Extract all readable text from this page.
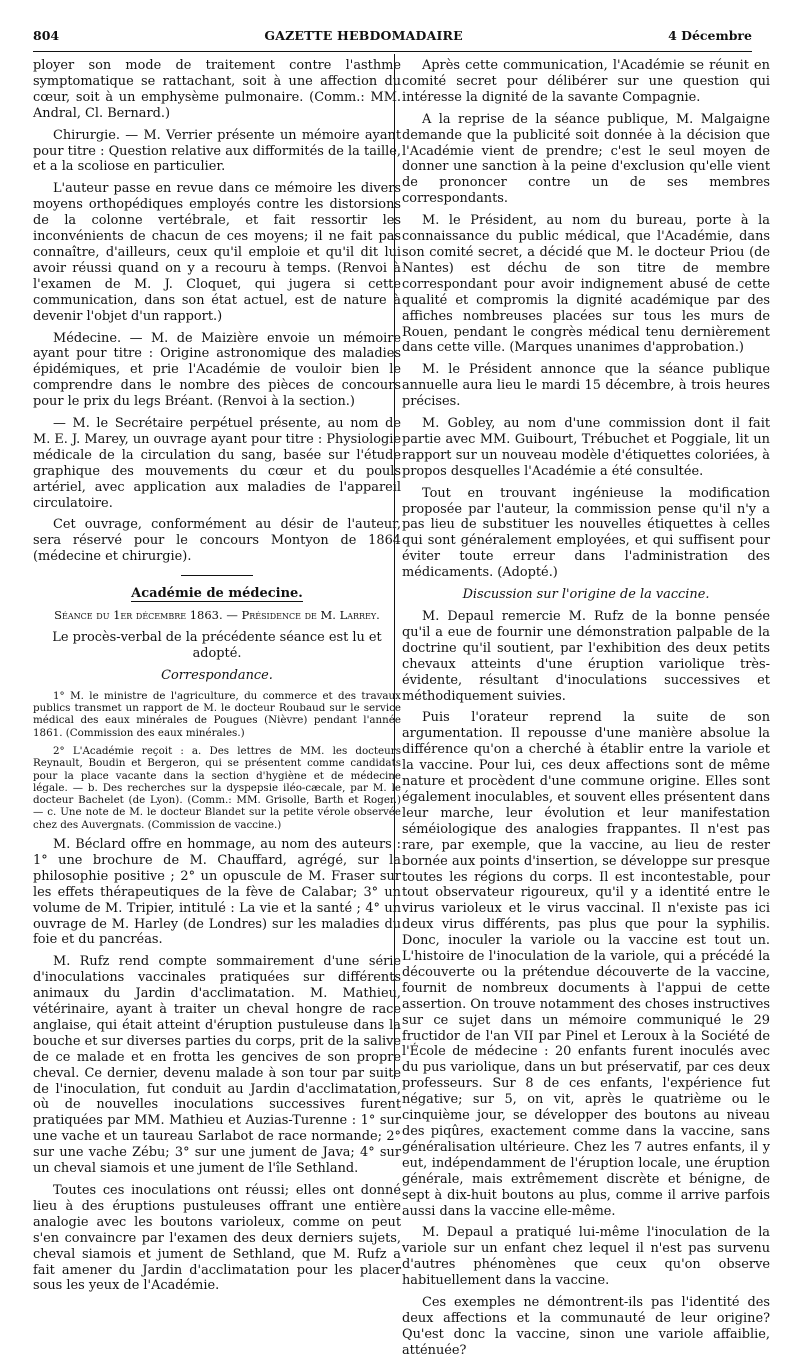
804	GAZETTE HEBDOMADAIRE	4 Décembre

ployer son mode de traitement contre l'asthme symptomatique se rattachant, soit à une affection du cœur, soit à un emphysème pulmonaire. (Comm.: MM. Andral, Cl. Bernard.)

Chirurgie. — M. Verrier présente un mémoire ayant pour titre : Question relative aux difformités de la taille, et a la scoliose en particulier.

L'auteur passe en revue dans ce mémoire les divers moyens orthopédiques employés contre les distorsions de la colonne vertébrale, et fait ressortir les inconvénients de chacun de ces moyens; il ne fait pas connaître, d'ailleurs, ceux qu'il emploie et qu'il dit lui avoir réussi quand on y a recouru à temps. (Renvoi à l'examen de M. J. Cloquet, qui jugera si cette communication, dans son état actuel, est de nature à devenir l'objet d'un rapport.)

Médecine. — M. de Maizière envoie un mémoire ayant pour titre : Origine astronomique des maladies épidémiques, et prie l'Académie de vouloir bien le comprendre dans le nombre des pièces de concours pour le prix du legs Bréant. (Renvoi à la section.)

— M. le Secrétaire perpétuel présente, au nom de M. E. J. Marey, un ouvrage ayant pour titre : Physiologie médicale de la circulation du sang, basée sur l'étude graphique des mouvements du cœur et du pouls artériel, avec application aux maladies de l'appareil circulatoire.

Cet ouvrage, conformément au désir de l'auteur, sera réservé pour le concours Montyon de 1864 (médecine et chirurgie).

Académie de médecine.

Séance du 1er décembre 1863. — Présidence de M. Larrey.

Le procès-verbal de la précédente séance est lu et adopté.

Correspondance.

1° M. le ministre de l'agriculture, du commerce et des travaux publics transmet un rapport de M. le docteur Roubaud sur le service médical des eaux minérales de Pougues (Nièvre) pendant l'année 1861. (Commission des eaux minérales.)

2° L'Académie reçoit : a. Des lettres de MM. les docteurs Reynault, Boudin et Bergeron, qui se présentent comme candidats pour la place vacante dans la section d'hygiène et de médecine légale. — b. Des recherches sur la dyspepsie iléo-cæcale, par M. le docteur Bachelet (de Lyon). (Comm.: MM. Grisolle, Barth et Roger.) — c. Une note de M. le docteur Blandet sur la petite vérole observée chez des Auvergnats. (Commission de vaccine.)

M. Béclard offre en hommage, au nom des auteurs : 1° une brochure de M. Chauffard, agrégé, sur la philosophie positive ; 2° un opuscule de M. Fraser sur les effets thérapeutiques de la fève de Calabar; 3° un volume de M. Tripier, intitulé : La vie et la santé ; 4° un ouvrage de M. Harley (de Londres) sur les maladies du foie et du pancréas.

M. Rufz rend compte sommairement d'une série d'inoculations vaccinales pratiquées sur différents animaux du Jardin d'acclimatation. M. Mathieu, vétérinaire, ayant à traiter un cheval hongre de race anglaise, qui était atteint d'éruption pustuleuse dans la bouche et sur diverses parties du corps, prit de la salive de ce malade et en frotta les gencives de son propre cheval. Ce dernier, devenu malade à son tour par suite de l'inoculation, fut conduit au Jardin d'acclimatation, où de nouvelles inoculations successives furent pratiquées par MM. Mathieu et Auzias-Turenne : 1° sur une vache et un taureau Sarlabot de race normande; 2° sur une vache Zébu; 3° sur une jument de Java; 4° sur un cheval siamois et une jument de l'île Sethland.

Toutes ces inoculations ont réussi; elles ont donné lieu à des éruptions pustuleuses offrant une entière analogie avec les boutons varioleux, comme on peut s'en convaincre par l'examen des deux derniers sujets, cheval siamois et jument de Sethland, que M. Rufz a fait amener du Jardin d'acclimatation pour les placer sous les yeux de l'Académie.

Après cette communication, l'Académie se réunit en comité secret pour délibérer sur une question qui intéresse la dignité de la savante Compagnie.

A la reprise de la séance publique, M. Malgaigne demande que la publicité soit donnée à la décision que l'Académie vient de prendre; c'est le seul moyen de donner une sanction à la peine d'exclusion qu'elle vient de prononcer contre un de ses membres correspondants.

M. le Président, au nom du bureau, porte à la connaissance du public médical, que l'Académie, dans son comité secret, a décidé que M. le docteur Priou (de Nantes) est déchu de son titre de membre correspondant pour avoir indignement abusé de cette qualité et compromis la dignité académique par des affiches nombreuses placées sur tous les murs de Rouen, pendant le congrès médical tenu dernièrement dans cette ville. (Marques unanimes d'approbation.)

M. le Président annonce que la séance publique annuelle aura lieu le mardi 15 décembre, à trois heures précises.

M. Gobley, au nom d'une commission dont il fait partie avec MM. Guibourt, Trébuchet et Poggiale, lit un rapport sur un nouveau modèle d'étiquettes coloriées, à propos desquelles l'Académie a été consultée.

Tout en trouvant ingénieuse la modification proposée par l'auteur, la commission pense qu'il n'y a pas lieu de substituer les nouvelles étiquettes à celles qui sont généralement employées, et qui suffisent pour éviter toute erreur dans l'administration des médicaments. (Adopté.)

Discussion sur l'origine de la vaccine.

M. Depaul remercie M. Rufz de la bonne pensée qu'il a eue de fournir une démonstration palpable de la doctrine qu'il soutient, par l'exhibition des deux petits chevaux atteints d'une éruption variolique très-évidente, résultant d'inoculations successives et méthodiquement suivies.

Puis l'orateur reprend la suite de son argumentation. Il repousse d'une manière absolue la différence qu'on a cherché à établir entre la variole et la vaccine. Pour lui, ces deux affections sont de même nature et procèdent d'une commune origine. Elles sont également inoculables, et souvent elles présentent dans leur marche, leur évolution et leur manifestation séméiologique des analogies frappantes. Il n'est pas rare, par exemple, que la vaccine, au lieu de rester bornée aux points d'insertion, se développe sur presque toutes les régions du corps. Il est incontestable, pour tout observateur rigoureux, qu'il y a identité entre le virus varioleux et le virus vaccinal. Il n'existe pas ici deux virus différents, pas plus que pour la syphilis. Donc, inoculer la variole ou la vaccine est tout un. L'histoire de l'inoculation de la variole, qui a précédé la découverte ou la prétendue découverte de la vaccine, fournit de nombreux documents à l'appui de cette assertion. On trouve notamment des choses instructives sur ce sujet dans un mémoire communiqué le 29 fructidor de l'an VII par Pinel et Leroux à la Société de l'École de médecine : 20 enfants furent inoculés avec du pus variolique, dans un but préservatif, par ces deux professeurs. Sur 8 de ces enfants, l'expérience fut négative; sur 5, on vit, après le quatrième ou le cinquième jour, se développer des boutons au niveau des piqûres, exactement comme dans la vaccine, sans généralisation ultérieure. Chez les 7 autres enfants, il y eut, indépendamment de l'éruption locale, une éruption générale, mais extrêmement discrète et bénigne, de sept à dix-huit boutons au plus, comme il arrive parfois aussi dans la vaccine elle-même.

M. Depaul a pratiqué lui-même l'inoculation de la variole sur un enfant chez lequel il n'est pas survenu d'autres phénomènes que ceux qu'on observe habituellement dans la vaccine.

Ces exemples ne démontrent-ils pas l'identité des deux affections et la communauté de leur origine? Qu'est donc la vaccine, sinon une variole affaiblie, atténuée?
